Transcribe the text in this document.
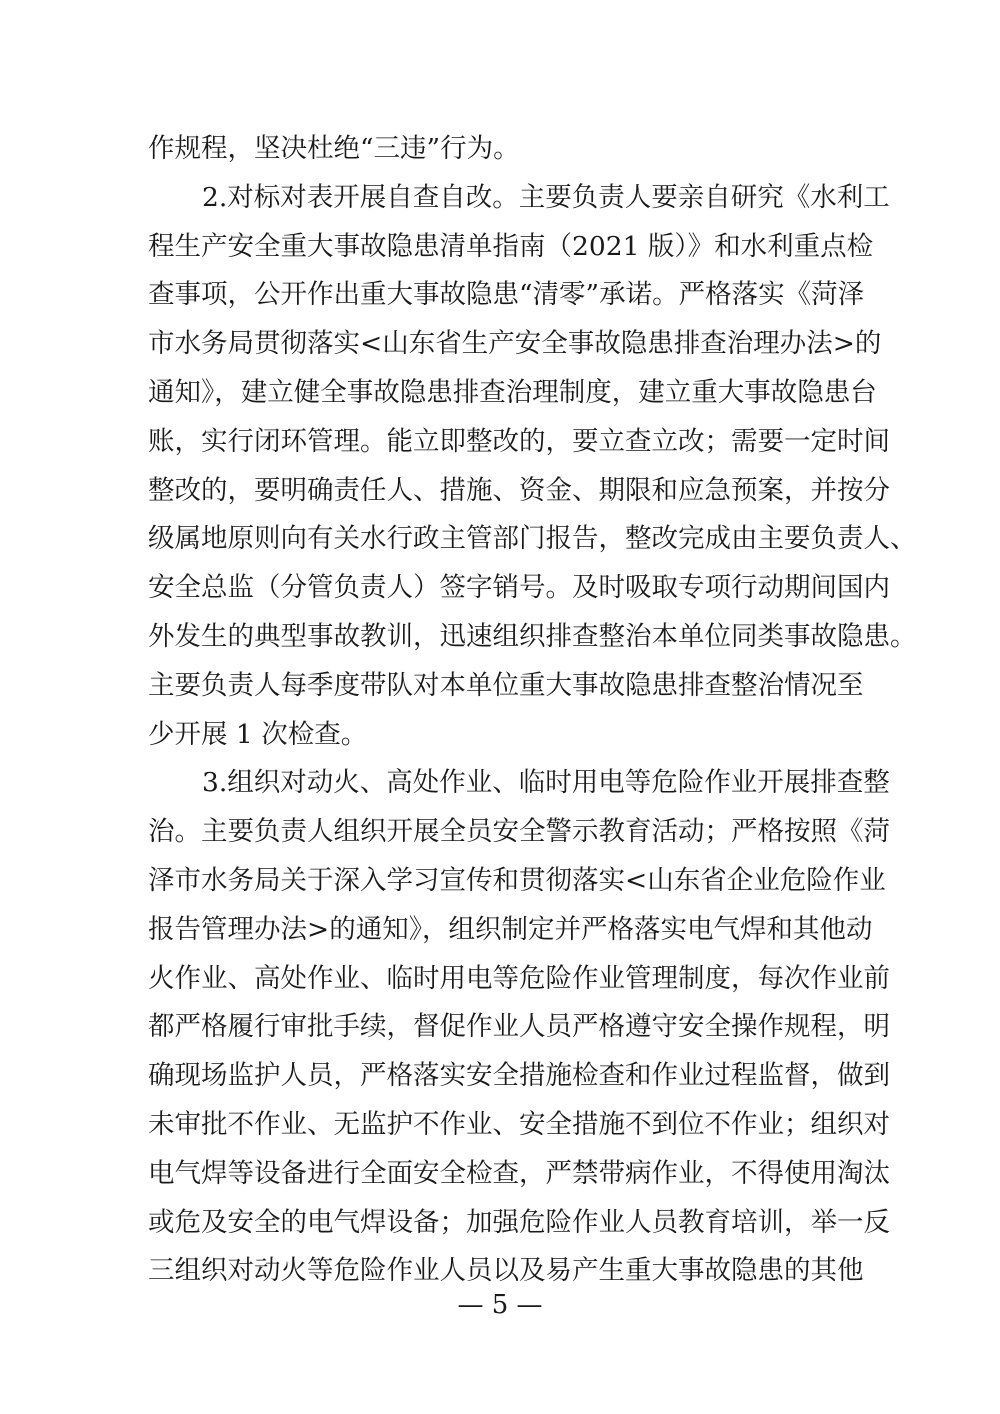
作规程，坚决杜绝“三违”行为。
2.对标对表开展自查自改。主要负责人要亲自研究《水利工
程生产安全重大事故隐患清单指南（2021 版）》和水利重点检
查事项，公开作出重大事故隐患“清零”承诺。严格落实《菏泽
市水务局贯彻落实<山东省生产安全事故隐患排查治理办法>的
通知》，建立健全事故隐患排查治理制度，建立重大事故隐患台
账，实行闭环管理。能立即整改的，要立查立改；需要一定时间
整改的，要明确责任人、措施、资金、期限和应急预案，并按分
级属地原则向有关水行政主管部门报告，整改完成由主要负责人、
安全总监（分管负责人）签字销号。及时吸取专项行动期间国内
外发生的典型事故教训，迅速组织排查整治本单位同类事故隐患。
主要负责人每季度带队对本单位重大事故隐患排查整治情况至
少开展 1 次检查。
3.组织对动火、高处作业、临时用电等危险作业开展排查整
治。主要负责人组织开展全员安全警示教育活动；严格按照《菏
泽市水务局关于深入学习宣传和贯彻落实<山东省企业危险作业
报告管理办法>的通知》，组织制定并严格落实电气焊和其他动
火作业、高处作业、临时用电等危险作业管理制度，每次作业前
都严格履行审批手续，督促作业人员严格遵守安全操作规程，明
确现场监护人员，严格落实安全措施检查和作业过程监督，做到
未审批不作业、无监护不作业、安全措施不到位不作业；组织对
电气焊等设备进行全面安全检查，严禁带病作业，不得使用淘汰
或危及安全的电气焊设备；加强危险作业人员教育培训，举一反
三组织对动火等危险作业人员以及易产生重大事故隐患的其他
— 5 —
